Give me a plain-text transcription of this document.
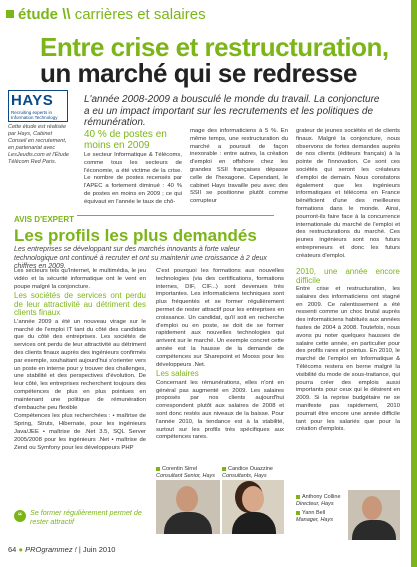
étude \\ carrières et salaires
Entre crise et restructuration,
un marché qui se redresse
HAYS
Recruiting experts in Information Technology
Cette étude est réalisée par Hays, Cabinet Conseil en recrutement, en partenariat avec LesJeudis.com et l'Étude Télécom Red Paris.
L'année 2008-2009 a bousculé le monde du travail. La conjoncture a eu un impact important sur les recrutements et les politiques de rémunération.
40 % de postes en moins en 2009
Le secteur Informatique & Télécoms, comme tous les secteurs de l'économie, a été victime de la crise. Le nombre de postes recensés par l'APEC a fortement diminué : 40 % de postes en moins en 2009 ; ce qui équivaut en l'année le taux de chô-
mage des informaticiens à 5 %. En même temps, une restructuration du marché a poursuit de façon inexorable : entre autres, la création d'emploi en offshore chez les grandes SSII françaises dépasse celle de l'hexagone. Cependant, le cabinet Hays travaille peu avec des SSII se positionne plutôt comme corrupteur
grateur de jeunes sociétés et de clients finaux. Malgré la conjoncture, nous observons de fortes demandes auprès de nos clients (éditeurs français) à la pointe de l'innovation. Ce sont ces sociétés qui seront les créateurs d'emploi de demain. Nous constatons également que les ingénieurs informatiques et télécoms en France bénéficient d'une des meilleures formations dans le monde. Ainsi, pourront-ils faire face à la concurrence internationale du marché de l'emploi et des restructurations du marché. Ces jeunes ingénieurs sont nos futurs entrepreneurs et donc les futurs créateurs d'emploi.
AVIS D'EXPERT
Les profils les plus demandés
Les entreprises se développant sur des marchés innovants à forte valeur technologique ont continué à recruter et ont su maintenir une croissance à 2 deux chiffres en 2009.

Les secteurs tels qu'Internet, le multimédia, le jeu vidéo et la sécurité informatique ont le vent en poupe malgré la conjoncture.

Les sociétés de services ont perdu de leur attractivité au détriment des clients finaux

L'année 2009 a été un nouveau virage sur le marché de l'emploi IT tant du côté des candidats que du côté des entreprises. Les sociétés de services ont perdu de leur attractivité au détriment des clients finaux auprès des ingénieurs confirmés par exemple, souhaitant aujourd'hui s'orienter vers un poste en interne pour y trouver des challenges, une stabilité et des perspectives d'évolution. De leur côté, les entreprises recherchent toujours des compétences de plus en plus pointues en maintenant une politique de rémunération d'embauche peu flexible

Compétences les plus recherchées : • maîtrise de Spring, Struts, Hibernate, pour les ingénieurs Java/JEE • maîtrise de .Net 3.5, SQL Server 2005/2008 pour les ingénieurs .Net • maîtrise de Zend ou Symfony pour les développeurs PHP

“	Se former régulièrement permet de rester attractif

C'est pourquoi les formations aux nouvelles technologies (via des certifications, formations internes, DIF, CIF...) sont devenues très importantes. Les informaticiens techniques sont plus fréquentés et se former régulièrement permet de rester attractif pour les entreprises en croissance. Un candidat, qu'il soit en recherche d'emploi ou en poste, se doit de se former rapidement aux nouvelles technologies qui arrivent sur le marché. Un exemple concret cette année est la hausse de la demande de compétences sur Sharepoint et Mooss pour les développeurs .Net.

Les salaires

Concernant les rémunérations, elles n'ont en général pas augmenté en 2009. Les salaires proposés par nos clients aujourd'hui correspondent plutôt aux salaires de 2008 et sont donc restés aux niveaux de la baisse. Pour l'année 2010, la tendance est à la stabilité, surtout sur les profils très spécifiques aux compétences rares.

Corentin Sirrel
Consultant Senior, Hays
Candice Ouazzine
Consultants, Hays

2010, une année encore difficile

Entre crise et restructuration, les salaires des informaticiens ont stagné en 2009. Ce ralentissement a été ressenti comme un choc brutal auprès des informaticiens habitués aux années fastes de 2004 à 2008. Toutefois, nous avons pu noter quelques hausses de salaire cette année, en particulier pour des profils rares et pointus. En 2010, le marché de l'emploi en Informatique & Télécoms restera en berne malgré la visibilité du mode de sous-traitance, qui pourra créer des emplois aussi importants pour ceux qui le désirent en 2009. Si la reprise budgétaire ne se manifeste pas rapidement, 2010 pourrait être encore une année difficile tant pour les salariés que pour la création d'emplois.

Anthony Colline
Directeur, Hays
Yann Bell
Manager, Hays
64 ● PROgrammez ! | Juin 2010
